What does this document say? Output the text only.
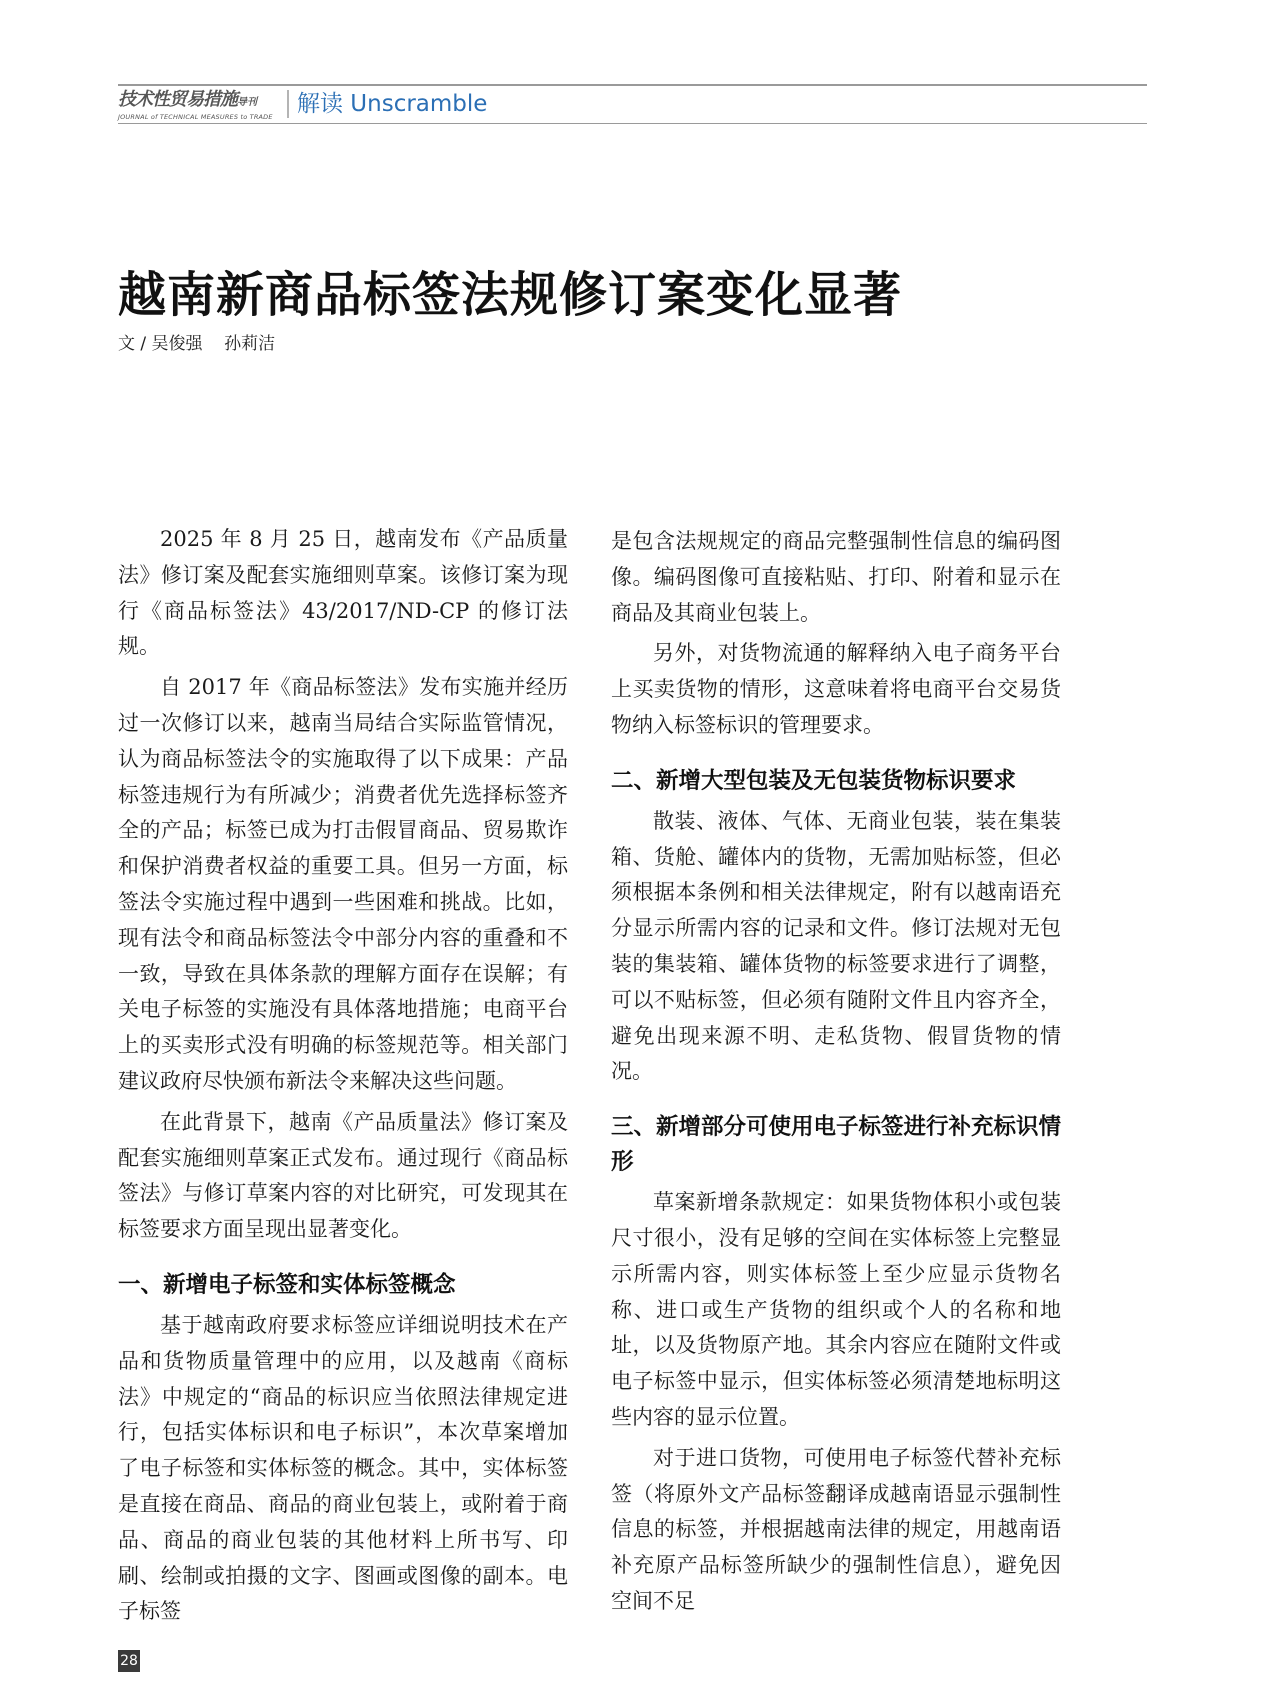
技术性贸易措施导刊
JOURNAL of TECHNICAL MEASURES to TRADE	解读 Unscramble
越南新商品标签法规修订案变化显著
文 / 吴俊强    孙莉洁

2025 年 8 月 25 日，越南发布《产品质量法》修订案及配套实施细则草案。该修订案为现行《商品标签法》43/2017/ND-CP 的修订法规。

自 2017 年《商品标签法》发布实施并经历过一次修订以来，越南当局结合实际监管情况，认为商品标签法令的实施取得了以下成果：产品标签违规行为有所减少；消费者优先选择标签齐全的产品；标签已成为打击假冒商品、贸易欺诈和保护消费者权益的重要工具。但另一方面，标签法令实施过程中遇到一些困难和挑战。比如，现有法令和商品标签法令中部分内容的重叠和不一致，导致在具体条款的理解方面存在误解；有关电子标签的实施没有具体落地措施；电商平台上的买卖形式没有明确的标签规范等。相关部门建议政府尽快颁布新法令来解决这些问题。

在此背景下，越南《产品质量法》修订案及配套实施细则草案正式发布。通过现行《商品标签法》与修订草案内容的对比研究，可发现其在标签要求方面呈现出显著变化。

一、新增电子标签和实体标签概念

基于越南政府要求标签应详细说明技术在产品和货物质量管理中的应用，以及越南《商标法》中规定的“商品的标识应当依照法律规定进行，包括实体标识和电子标识”，本次草案增加了电子标签和实体标签的概念。其中，实体标签是直接在商品、商品的商业包装上，或附着于商品、商品的商业包装的其他材料上所书写、印刷、绘制或拍摄的文字、图画或图像的副本。电子标签

是包含法规规定的商品完整强制性信息的编码图像。编码图像可直接粘贴、打印、附着和显示在商品及其商业包装上。

另外，对货物流通的解释纳入电子商务平台上买卖货物的情形，这意味着将电商平台交易货物纳入标签标识的管理要求。

二、新增大型包装及无包装货物标识要求

散装、液体、气体、无商业包装，装在集装箱、货舱、罐体内的货物，无需加贴标签，但必须根据本条例和相关法律规定，附有以越南语充分显示所需内容的记录和文件。修订法规对无包装的集装箱、罐体货物的标签要求进行了调整，可以不贴标签，但必须有随附文件且内容齐全，避免出现来源不明、走私货物、假冒货物的情况。

三、新增部分可使用电子标签进行补充标识情形

草案新增条款规定：如果货物体积小或包装尺寸很小，没有足够的空间在实体标签上完整显示所需内容，则实体标签上至少应显示货物名称、进口或生产货物的组织或个人的名称和地址，以及货物原产地。其余内容应在随附文件或电子标签中显示，但实体标签必须清楚地标明这些内容的显示位置。

对于进口货物，可使用电子标签代替补充标签（将原外文产品标签翻译成越南语显示强制性信息的标签，并根据越南法律的规定，用越南语补充原产品标签所缺少的强制性信息），避免因空间不足

28
